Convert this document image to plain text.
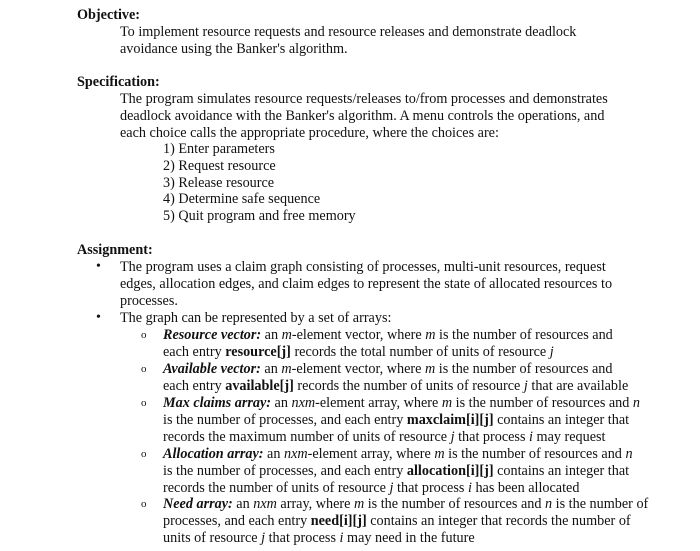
Objective:
To implement resource requests and resource releases and demonstrate deadlock avoidance using the Banker's algorithm.
Specification:
The program simulates resource requests/releases to/from processes and demonstrates deadlock avoidance with the Banker's algorithm. A menu controls the operations, and each choice calls the appropriate procedure, where the choices are:
1) Enter parameters
2) Request resource
3) Release resource
4) Determine safe sequence
5) Quit program and free memory
Assignment:
• The program uses a claim graph consisting of processes, multi-unit resources, request edges, allocation edges, and claim edges to represent the state of allocated resources to processes.
• The graph can be represented by a set of arrays:
o Resource vector: an m-element vector, where m is the number of resources and each entry resource[j] records the total number of units of resource j
o Available vector: an m-element vector, where m is the number of resources and each entry available[j] records the number of units of resource j that are available
o Max claims array: an nxm-element array, where m is the number of resources and n is the number of processes, and each entry maxclaim[i][j] contains an integer that records the maximum number of units of resource j that process i may request
o Allocation array: an nxm-element array, where m is the number of resources and n is the number of processes, and each entry allocation[i][j] contains an integer that records the number of units of resource j that process i has been allocated
o Need array: an nxm array, where m is the number of resources and n is the number of processes, and each entry need[i][j] contains an integer that records the number of units of resource j that process i may need in the future
